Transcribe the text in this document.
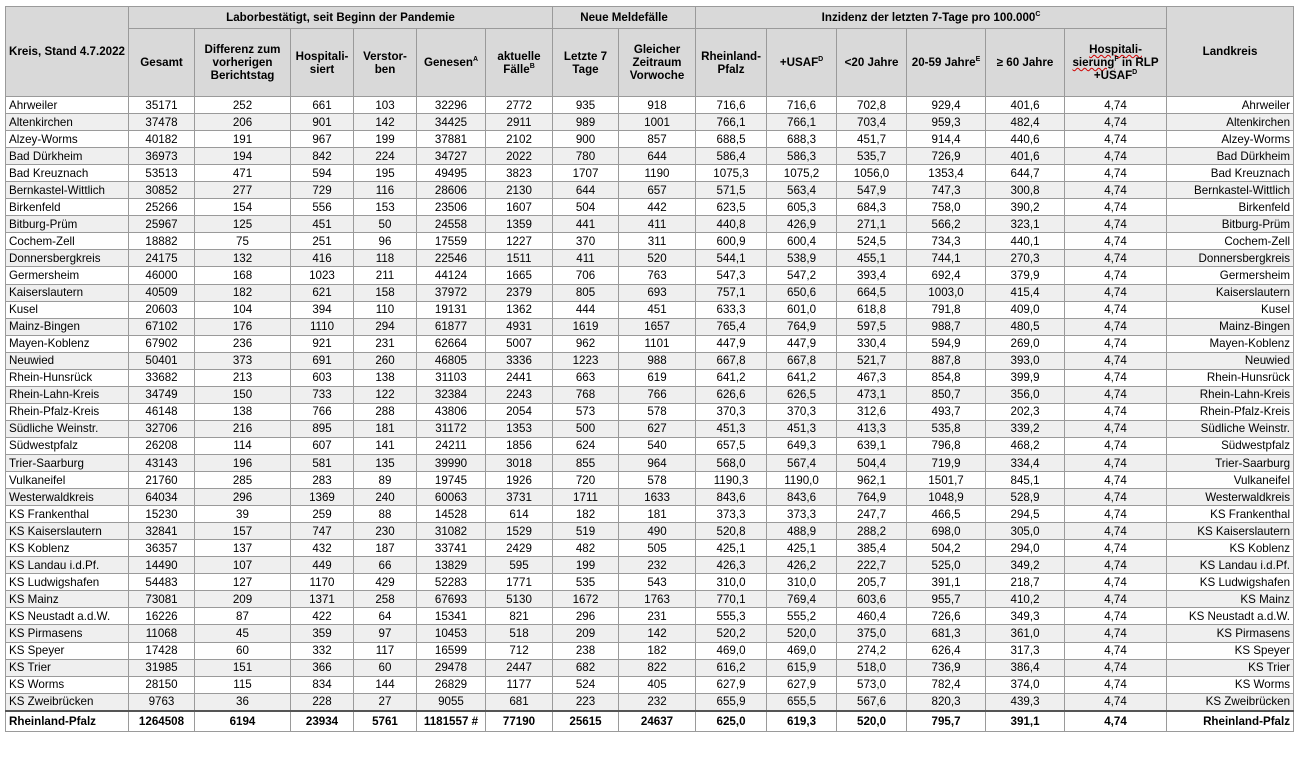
Kreis, Stand 4.7.2022	Laborbestätigt, seit Beginn der Pandemie						Neue Meldefälle		Inzidenz der letzten 7-Tage pro $100.000^C$						Landkreis
	Gesamt	Differenz zum vorherigen Berichtstag	Hospitali- siert	Verstor- ben	Genesen$^A$	aktuelle Fälle$^B$	Letzte 7 Tage	Gleicher Zeitraum Vorwoche	Rheinland- Pfalz	$+USAF^D$	<20 Jahre	20-59 Jahre$^E$	≥ 60 Jahre	Hospitali- sierung$^F$ in RLP $+USAF^D$
Ahrweiler	35171	252	661	103	32296	2772	935	918	716,6	716,6	702,8	929,4	401,6	4,74	Ahrweiler
Altenkirchen	37478	206	901	142	34425	2911	989	1001	766,1	766,1	703,4	959,3	482,4	4,74	Altenkirchen
Alzey-Worms	40182	191	967	199	37881	2102	900	857	688,5	688,3	451,7	914,4	440,6	4,74	Alzey-Worms
Bad Dürkheim	36973	194	842	224	34727	2022	780	644	586,4	586,3	535,7	726,9	401,6	4,74	Bad Dürkheim
Bad Kreuznach	53513	471	594	195	49495	3823	1707	1190	1075,3	1075,2	1056,0	1353,4	644,7	4,74	Bad Kreuznach
Bernkastel-Wittlich	30852	277	729	116	28606	2130	644	657	571,5	563,4	547,9	747,3	300,8	4,74	Bernkastel-Wittlich
Birkenfeld	25266	154	556	153	23506	1607	504	442	623,5	605,3	684,3	758,0	390,2	4,74	Birkenfeld
Bitburg-Prüm	25967	125	451	50	24558	1359	441	411	440,8	426,9	271,1	566,2	323,1	4,74	Bitburg-Prüm
Cochem-Zell	18882	75	251	96	17559	1227	370	311	600,9	600,4	524,5	734,3	440,1	4,74	Cochem-Zell
Donnersbergkreis	24175	132	416	118	22546	1511	411	520	544,1	538,9	455,1	744,1	270,3	4,74	Donnersbergkreis
Germersheim	46000	168	1023	211	44124	1665	706	763	547,3	547,2	393,4	692,4	379,9	4,74	Germersheim
Kaiserslautern	40509	182	621	158	37972	2379	805	693	757,1	650,6	664,5	1003,0	415,4	4,74	Kaiserslautern
Kusel	20603	104	394	110	19131	1362	444	451	633,3	601,0	618,8	791,8	409,0	4,74	Kusel
Mainz-Bingen	67102	176	1110	294	61877	4931	1619	1657	765,4	764,9	597,5	988,7	480,5	4,74	Mainz-Bingen
Mayen-Koblenz	67902	236	921	231	62664	5007	962	1101	447,9	447,9	330,4	594,9	269,0	4,74	Mayen-Koblenz
Neuwied	50401	373	691	260	46805	3336	1223	988	667,8	667,8	521,7	887,8	393,0	4,74	Neuwied
Rhein-Hunsrück	33682	213	603	138	31103	2441	663	619	641,2	641,2	467,3	854,8	399,9	4,74	Rhein-Hunsrück
Rhein-Lahn-Kreis	34749	150	733	122	32384	2243	768	766	626,6	626,5	473,1	850,7	356,0	4,74	Rhein-Lahn-Kreis
Rhein-Pfalz-Kreis	46148	138	766	288	43806	2054	573	578	370,3	370,3	312,6	493,7	202,3	4,74	Rhein-Pfalz-Kreis
Südliche Weinstr.	32706	216	895	181	31172	1353	500	627	451,3	451,3	413,3	535,8	339,2	4,74	Südliche Weinstr.
Südwestpfalz	26208	114	607	141	24211	1856	624	540	657,5	649,3	639,1	796,8	468,2	4,74	Südwestpfalz
Trier-Saarburg	43143	196	581	135	39990	3018	855	964	568,0	567,4	504,4	719,9	334,4	4,74	Trier-Saarburg
Vulkaneifel	21760	285	283	89	19745	1926	720	578	1190,3	1190,0	962,1	1501,7	845,1	4,74	Vulkaneifel
Westerwaldkreis	64034	296	1369	240	60063	3731	1711	1633	843,6	843,6	764,9	1048,9	528,9	4,74	Westerwaldkreis
KS Frankenthal	15230	39	259	88	14528	614	182	181	373,3	373,3	247,7	466,5	294,5	4,74	KS Frankenthal
KS Kaiserslautern	32841	157	747	230	31082	1529	519	490	520,8	488,9	288,2	698,0	305,0	4,74	KS Kaiserslautern
KS Koblenz	36357	137	432	187	33741	2429	482	505	425,1	425,1	385,4	504,2	294,0	4,74	KS Koblenz
KS Landau i.d.Pf.	14490	107	449	66	13829	595	199	232	426,3	426,2	222,7	525,0	349,2	4,74	KS Landau i.d.Pf.
KS Ludwigshafen	54483	127	1170	429	52283	1771	535	543	310,0	310,0	205,7	391,1	218,7	4,74	KS Ludwigshafen
KS Mainz	73081	209	1371	258	67693	5130	1672	1763	770,1	769,4	603,6	955,7	410,2	4,74	KS Mainz
KS Neustadt a.d.W.	16226	87	422	64	15341	821	296	231	555,3	555,2	460,4	726,6	349,3	4,74	KS Neustadt a.d.W.
KS Pirmasens	11068	45	359	97	10453	518	209	142	520,2	520,0	375,0	681,3	361,0	4,74	KS Pirmasens
KS Speyer	17428	60	332	117	16599	712	238	182	469,0	469,0	274,2	626,4	317,3	4,74	KS Speyer
KS Trier	31985	151	366	60	29478	2447	682	822	616,2	615,9	518,0	736,9	386,4	4,74	KS Trier
KS Worms	28150	115	834	144	26829	1177	524	405	627,9	627,9	573,0	782,4	374,0	4,74	KS Worms
KS Zweibrücken	9763	36	228	27	9055	681	223	232	655,9	655,5	567,6	820,3	439,3	4,74	KS Zweibrücken
Rheinland-Pfalz	1264508	6194	23934	5761	1181557 #	77190	25615	24637	625,0	619,3	520,0	795,7	391,1	4,74	Rheinland-Pfalz
